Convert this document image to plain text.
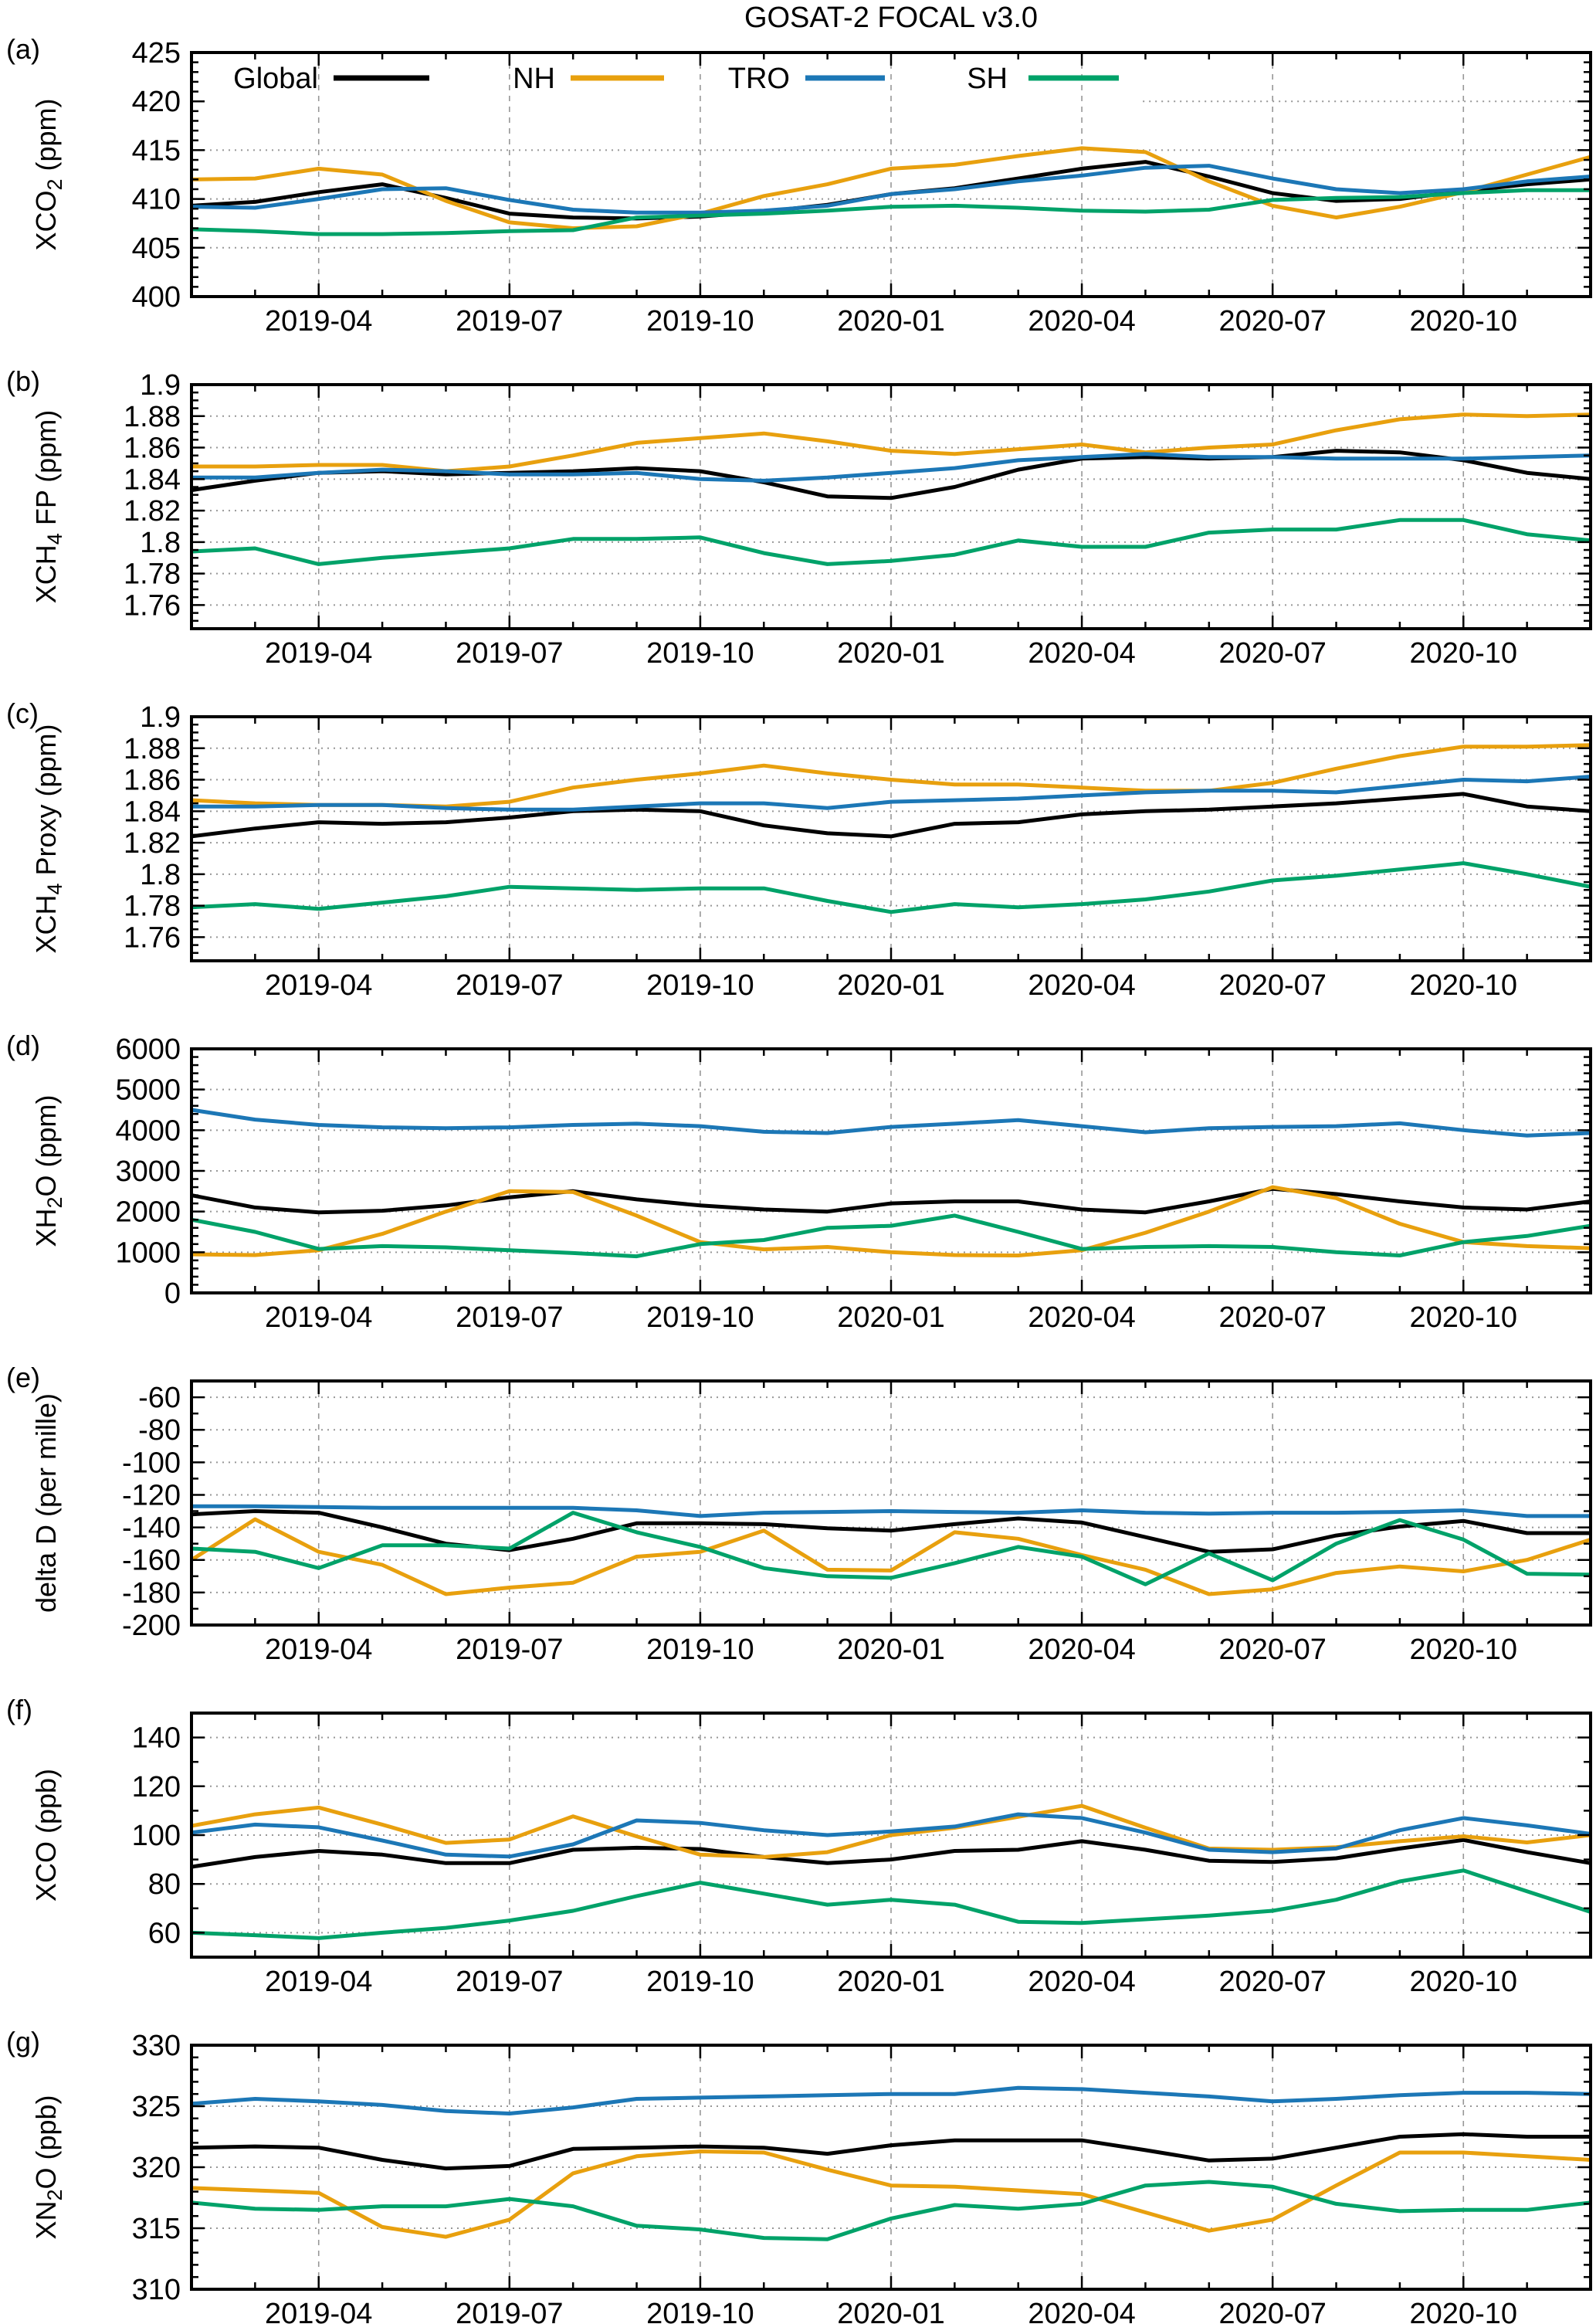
GOSAT-2 FOCAL v3.0
400
405
410
415
420
425
2019-04	2019-07	2019-10	2020-01	2020-04	2020-07	2020-10
(a)
$XCO_2$ (ppm)
Global	NH	TRO	SH
1.76
1.78
1.8
1.82
1.84
1.86
1.88
1.9
2019-04	2019-07	2019-10	2020-01	2020-04	2020-07	2020-10
(b)
$XCH_4$ FP (ppm)
1.76
1.78
1.8
1.82
1.84
1.86
1.88
1.9
2019-04	2019-07	2019-10	2020-01	2020-04	2020-07	2020-10
(c)
$XCH_4$ Proxy (ppm)
0
1000
2000
3000
4000
5000
6000
2019-04	2019-07	2019-10	2020-01	2020-04	2020-07	2020-10
(d)
$XH_2O$ (ppm)
-200
-180
-160
-140
-120
-100
-80
-60
2019-04	2019-07	2019-10	2020-01	2020-04	2020-07	2020-10
(e)
delta D (per mille)
60
80
100
120
140
2019-04	2019-07	2019-10	2020-01	2020-04	2020-07	2020-10
(f)
XCO (ppb)
310
315
320
325
330
2019-04	2019-07	2019-10	2020-01	2020-04	2020-07	2020-10
(g)
$XN_2O$ (ppb)
